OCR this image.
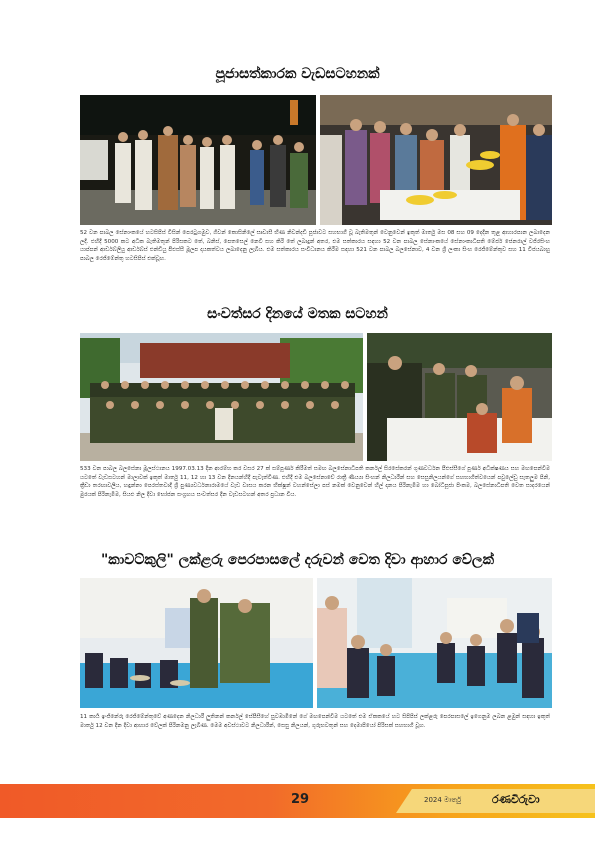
පූජාසත්කාරක වැඩසටහනක්
52 වන පාබල සේනාංකයේ හටසිපිස් විසින් පෙරටුගමුව, ගිවන් කොසිනිලේ සෘවාසී භිණ නිවන්දඩී පූජාවට සහභාගී වූ බැතිමතුන් වෙනුවෙන් ඉකුත් මාර්තු මස 08 සහ 09 දෙදින තුළ ආහාරපාන ලබාදෙන ලදී. එහිදී 5000 කට අධික බැතිමතුන් පිරිසකට තේ, බනිස්, පෙතසෙල් නෙවී සහ කිරි තේ ලබාදුන් අතර, එම සත්කාරය සඳහා 52 වන පාබල සේනාංකයේ සේනාංකාධිපති මේජර් ජෙනරාල් වජිරසිංහ යාප්පන් ආර්ඩබ්ලියු ආර්ඩබ්ස් එන්ඩියු පීඑස්සී මූලප දායකත්වය ලබාදෙනු ලැබිය. එම සත්කාරය සංවිධානය කිරීම සඳහා 521 වන පාබල බලසේනාව, 4 වන ශ්‍රී ලංකා සිංහ රෙජිමේන්තුව සහ 11 විජයබාහු පාබල රෙජිමේන්තු හටසිපිස් එක්වූහ.
සංවත්සර දිනයේ මතක සටහන්
533 වන පාබල බලසේනා මූලස්ථානය 1997.03.13 දින ආරම්භ කර වසර 27 ක් සම්පූර්ණ කිරීමත් සමඟ බලසේනාධිපති කර්නල් සිරසේකරන් ගුණවර්ධන පීඑස්සීගේ පූර්ණ අධීක්ෂණය සහ මඟපෙන්වීම යටතේ වැඩසටහන් මාලාවක් ඉකුත් මාර්තු 11, 12 හා 13 වන දිනයන්හිදී පැවැත්විණ. එහිදී එම බලසේනාවේ රාත්‍රී ණිය්‍යා සිංහන් නිලධාරීන් සහ සෙසුනිලයන්ගේ සහභාගිත්වයෙන් පවුලේඩු සැතලුම පිනි, ක්‍රීඩා තරඟාවලිය, හඳුන්නා පෙරස්තවාදී ශ්‍රී පුණ්‍යවර්ධනාරාමයේ වැඩ වාසය කරන භික්ෂූන් වහන්සේලා පස් නමක් වෙනුවෙන් හීල් දානය පිරිනැමීම හා බෝධිපූජා පිංකම, බලසේනාධිපති වෙත සාදරයෙන් මුරයක් පිරිනැමීම, සියළු නිල දිවා භෝජන සංග්‍රහය සංවත්සර දින වැඩසටහන් අතර ප්‍රධාන විය.
"කාවට්කුලි" ලක්ළරු පෙරපාසලේ දරුවන් වෙත දිවා ආහාර වේලක්
11 කාර්‍ය ඉංජිනේරු රෙජිමේන්තුවේ අණදෙන නිලධාරී ලුතිනන් කර්නල් සේපීසීහේ සුවඹාමිනේ ගේ මඟපෙන්වීම යටතේ එම ඒකකයේ හට සිපිපිස් ලක්ළරු පෙරපාසලේ ඉගෙනුම ලබන ළමුන් සඳහා ඉකුත් මාර්තු 12 වන දින දිවා ආහාර වේලක් පිරිනමනු ලැබිණ. මෙම අවස්ථාවට නිලධාරීන්, සෙසු නිලයන්, ගුරුභවතුන් සහ දෙමාපියෝ පිරිසක් සහභාගී වූහ.
29	2024 මාර්තු	රණවිරුවා
